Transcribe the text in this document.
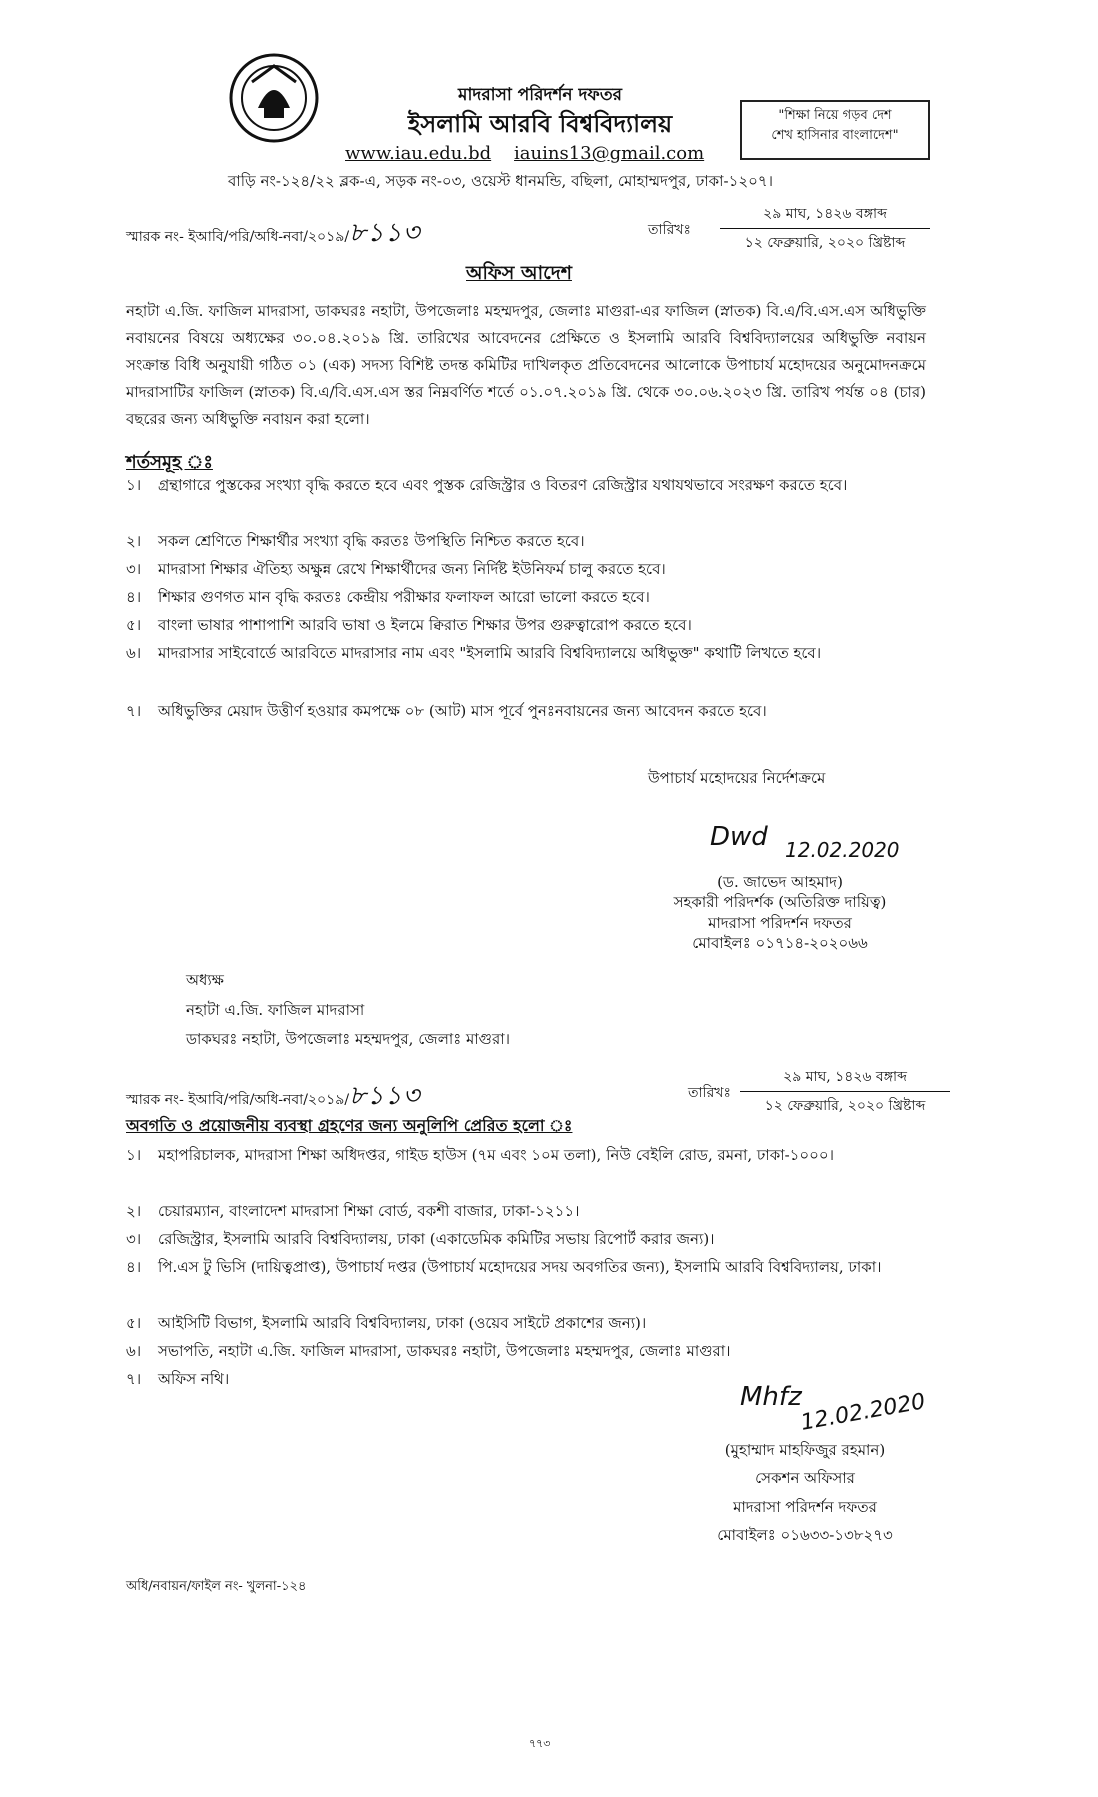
মাদরাসা পরিদর্শন দফতর
ইসলামি আরবি বিশ্ববিদ্যালয়
www.iau.edu.bd iauins13@gmail.com
বাড়ি নং-১২৪/২২ ব্লক-এ, সড়ক নং-০৩, ওয়েস্ট ধানমন্ডি, বছিলা, মোহাম্মদপুর, ঢাকা-১২০৭।
"শিক্ষা নিয়ে গড়ব দেশ
শেখ হাসিনার বাংলাদেশ"
স্মারক নং- ইআবি/পরি/অধি-নবা/২০১৯/৮১১৩	তারিখঃ
২৯ মাঘ, ১৪২৬ বঙ্গাব্দ
১২ ফেব্রুয়ারি, ২০২০ খ্রিষ্টাব্দ
অফিস আদেশ
নহাটা এ.জি. ফাজিল মাদরাসা, ডাকঘরঃ নহাটা, উপজেলাঃ মহম্মদপুর, জেলাঃ মাগুরা-এর ফাজিল (স্নাতক) বি.এ/বি.এস.এস অধিভুক্তি নবায়নের বিষয়ে অধ্যক্ষের ৩০.০৪.২০১৯ খ্রি. তারিখের আবেদনের প্রেক্ষিতে ও ইসলামি আরবি বিশ্ববিদ্যালয়ের অধিভুক্তি নবায়ন সংক্রান্ত বিধি অনুযায়ী গঠিত ০১ (এক) সদস্য বিশিষ্ট তদন্ত কমিটির দাখিলকৃত প্রতিবেদনের আলোকে উপাচার্য মহোদয়ের অনুমোদনক্রমে মাদরাসাটির ফাজিল (স্নাতক) বি.এ/বি.এস.এস স্তর নিম্নবর্ণিত শর্তে ০১.০৭.২০১৯ খ্রি. থেকে ৩০.০৬.২০২৩ খ্রি. তারিখ পর্যন্ত ০৪ (চার) বছরের জন্য অধিভুক্তি নবায়ন করা হলো।
শর্তসমূহ ঃ
১। গ্রন্থাগারে পুস্তকের সংখ্যা বৃদ্ধি করতে হবে এবং পুস্তক রেজিস্ট্রার ও বিতরণ রেজিস্ট্রার যথাযথভাবে সংরক্ষণ করতে হবে।
২। সকল শ্রেণিতে শিক্ষার্থীর সংখ্যা বৃদ্ধি করতঃ উপস্থিতি নিশ্চিত করতে হবে।
৩। মাদরাসা শিক্ষার ঐতিহ্য অক্ষুন্ন রেখে শিক্ষার্থীদের জন্য নির্দিষ্ট ইউনিফর্ম চালু করতে হবে।
৪। শিক্ষার গুণগত মান বৃদ্ধি করতঃ কেন্দ্রীয় পরীক্ষার ফলাফল আরো ভালো করতে হবে।
৫। বাংলা ভাষার পাশাপাশি আরবি ভাষা ও ইলমে ক্বিরাত শিক্ষার উপর গুরুত্বারোপ করতে হবে।
৬। মাদরাসার সাইবোর্ডে আরবিতে মাদরাসার নাম এবং "ইসলামি আরবি বিশ্ববিদ্যালয়ে অধিভুক্ত" কথাটি লিখতে হবে।
৭। অধিভুক্তির মেয়াদ উত্তীর্ণ হওয়ার কমপক্ষে ০৮ (আট) মাস পূর্বে পুনঃনবায়নের জন্য আবেদন করতে হবে।
উপাচার্য মহোদয়ের নির্দেশক্রমে
Dwd 12.02.2020
(ড. জাভেদ আহমাদ)
সহকারী পরিদর্শক (অতিরিক্ত দায়িত্ব)
মাদরাসা পরিদর্শন দফতর
মোবাইলঃ ০১৭১৪-২০২০৬৬
অধ্যক্ষ
নহাটা এ.জি. ফাজিল মাদরাসা
ডাকঘরঃ নহাটা, উপজেলাঃ মহম্মদপুর, জেলাঃ মাগুরা।
স্মারক নং- ইআবি/পরি/অধি-নবা/২০১৯/৮১১৩	তারিখঃ
২৯ মাঘ, ১৪২৬ বঙ্গাব্দ
১২ ফেব্রুয়ারি, ২০২০ খ্রিষ্টাব্দ
অবগতি ও প্রয়োজনীয় ব্যবস্থা গ্রহণের জন্য অনুলিপি প্রেরিত হলো ঃ
১। মহাপরিচালক, মাদরাসা শিক্ষা অধিদপ্তর, গাইড হাউস (৭ম এবং ১০ম তলা), নিউ বেইলি রোড, রমনা, ঢাকা-১০০০।
২। চেয়ারম্যান, বাংলাদেশ মাদরাসা শিক্ষা বোর্ড, বকশী বাজার, ঢাকা-১২১১।
৩। রেজিস্ট্রার, ইসলামি আরবি বিশ্ববিদ্যালয়, ঢাকা (একাডেমিক কমিটির সভায় রিপোর্ট করার জন্য)।
৪। পি.এস টু ভিসি (দায়িত্বপ্রাপ্ত), উপাচার্য দপ্তর (উপাচার্য মহোদয়ের সদয় অবগতির জন্য), ইসলামি আরবি বিশ্ববিদ্যালয়, ঢাকা।
৫। আইসিটি বিভাগ, ইসলামি আরবি বিশ্ববিদ্যালয়, ঢাকা (ওয়েব সাইটে প্রকাশের জন্য)।
৬। সভাপতি, নহাটা এ.জি. ফাজিল মাদরাসা, ডাকঘরঃ নহাটা, উপজেলাঃ মহম্মদপুর, জেলাঃ মাগুরা।
৭। অফিস নথি।
Mhfz
12.02.2020
(মুহাম্মাদ মাহফিজুর রহমান)
সেকশন অফিসার
মাদরাসা পরিদর্শন দফতর
মোবাইলঃ ০১৬৩৩-১৩৮২৭৩
অধি/নবায়ন/ফাইল নং- খুলনা-১২৪
৭৭৩
